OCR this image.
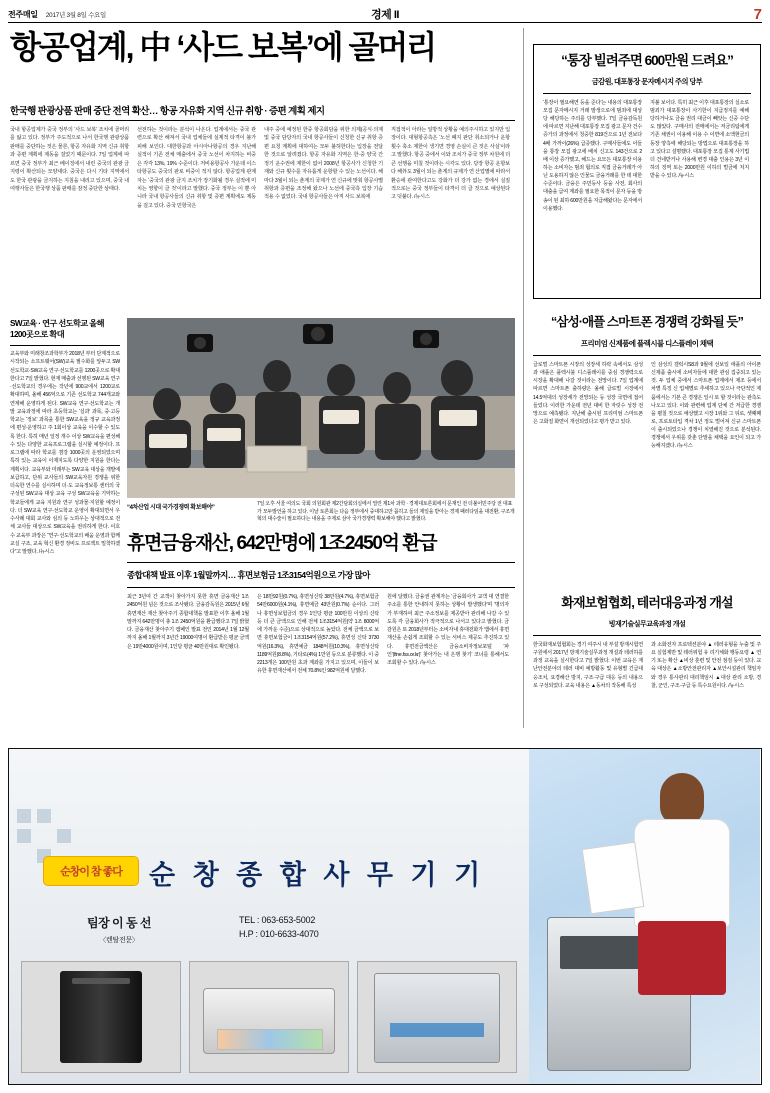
전주매일 2017년 3월 8일 수요일	경제 II	7
항공업계, 中 ‘사드 보복’에 골머리
한국행 판광상품 판매 중단 전역 확산… 항공 자유화 지역 신규 취항 · 증편 계획 제지
국내 항공업계가 중국 정부의 ‘사드 보복’ 조치에 골머리를 앓고 있다. 정부가 주도적으로 나서 한국행 관광상품 판매를 중단하는 것은 물론, 항공 자유화 지역 신규 취항과 증편 계획에 제동을 걸었기 때문이다. 7일 업계에 따르면 중국 정부가 최근 베이징에서 내린 중국의 관광 금지령이 확산되는 모양새다. 중국은 다시 기타 지역에서도 한국 관광을 금지하는 지침을 내리고 있으며, 중국 내 여행사들은 한국행 상품 판매를 잠정 중단한 상태다.
선전하는 것이라는 분석이 나온다. 업계에서는 중국 관련으로 확산 해져서 국내 업체들에 실제적 타격이 불가피해 보인다. 대한항공과 아시아나항공의 경우 지난해 실적이 기존 전체 매출에서 중국 노선이 차지하는 비중은 각각 13%, 19% 수준이다. 저비용항공사 가운데 이스타항공도 중국의 판로 비중이 적지 않다. 항공업계 관계자는 ‘중국의 관광 금지 조치가 장기화될 경우 실적에 미치는 영향이 클 것’이라고 말했다. 중국 정부는 이 뿐 아니라 국내 항공사들의 신규 취항 및 증편 계획에도 제동을 걸고 있다. 중국 민항국은
내주 중에 예정된 한중 항공회담을 위한 의제(공식·의제 및 중국 담당자의 국내 항공사들이 신청한 신규 취항 증편 요청 계획에 대하여는 모두 불허한다는 입장을 전달한 것으로 알려졌다. 항공 자유화 지역은 한·중 양국 간 정기 운수권에 제한이 없어 2008년 항공사가 신청한 기재와 신규 횟수를 자유롭게 운항할 수 있는 노선이다. 해마다 3월이 되는 춘계의 국제가 연 신규에 맞춰 항공사별 취항과 증편을 조정해 왔으나 노선에 중국측 입장 기습 적용 수 없었다. 국내 항공사들은 아직 사드 보복에
직접적이 아라는 일방적 상황을 예의주시하고 있지만 입장이다. 대형항공측은 ‘노선 폐지 판단 취소되거나 운항 횟수 축소 제한이 생기면 경영 손실이 큰 것은 사실’이라고 말했다. 항공 중에서 이와 조치가 중국 정부 차원에 더 큰 선행을 미칠 것이라는 시각도 있다. 당장 항공 운항보다 해外도 3월이 되는 춘계의 규제가 연 산업별에 따라서 환승에 관여한다고도 강화가 더 강가 없는 경에서 실질적으로는 중국 정부들이 타격이 더 클 것으로 예상된다고 덧붙다. /뉴시스
“통장 빌려주면 600만원 드려요”
금감원, 대포통장 문자메시지 주의 당부
‘통장이 필요해연 등을 준다’는 내용의 대포통장 모집 문자메시지 거래 발생으로에 범죄에 대상당 해당하는 주의를 당부했다. 7일 금융감독원에 따르면 지난해 대포통장 모집 광고 문자 건수 증가의 과정에서 청중한 819건으로 1년 전보다 4배 가까이(26%) 급증했다. 구매사들에도 이들을 통장 모집 광고에 배치 신고도 143건으로 2배 이상 증가했고, 해드는 요모든 대포통장 이용하는 소비자는 범죄 혐의로 직접 금융거래가 아닌 도용하지 않은 인물도 금융거래를 한 데 대한 수준이다. 금융은 주민등사 등을 사전, 회사의 대출을 급여 계좌를 필요한 목적이 문자 등을 방송이 된 최하 600만원을 지급해왔다는 문자에서 이용했다.
지불 보이다. 특히 최근 이후 대포통장의 실소로 범죄가 대포통장이 사기한이 지급정지를 예해당하거나도 금융 권리 대금이 빼앗는 신중 수단도 많았다. 구매사의 전매에서는 저금리팀에게 기존 채권이 이용해 이용 수 이면에 소액현금의 동장 양측에 해당되는 방법으로 대포통장을 하고 있다고 설명했다. 대포통장 모집 통계 사기법 더 건네받거나 사용해 변경 대출 인용은 3년 이하의 징역 또는 2000만원 이하의 벌금에 처지 받을 수 있다. /뉴시스
“삼성·애플 스마트폰 경쟁력 강화될 듯”
프리미엄 신제품에 플렉시블 디스플레이 채택
글로벌 스마트폰 시장의 성장세 하락 속에서도 삼성과 애플은 플렉시블 디스플레이를 중심 경쟁력으로 시장을 확대해 나갈 것이라는 전망이다. 7일 업계에 따르면 스마트폰 출하량은 올해 글로벌 시장에서 14.5억대의 성장세가 전망되는 등 성장 국면에 접어들었다. 이러한 가운데 전년 대비 한 자릿수 성장 전망으로 예측됐다. 지난해 출시된 프리미엄 스마트폰은 고화질 화면이 개선되었다고 평가 받고 있다.
인 삼성의 갤럭시S8과 9월에 선보일 애플의 아이폰 신제품 출시에 소비자들에 대한 관심 집중되고 있는 것. 두 업체 중에서 스마트폰 업계에서 제조 등에서 차별 특징 신 업체별로 추세하고 있으나 극단적인 제품에서는 기본 큰 경쟁은 일시 또 할 것이라는 관측도 나오고 있다. 이와 관련해 업계 단체 간 저급한 경쟁을 펼칠 것으로 예상했고 시장 1위와 그 뒤로, 셋째째로, 프로토타입 격차 1년 정도 벌어져 신규 스마트폰이 출시되었으나 경쟁이 치열해진 것으로 분석된다. 경쟁에서 우위를 갖춘 단말을 채택을 요인이 되고 가능해지겠다. /뉴시스
화재보험협회, 테러대응과정 개설
빙재기술실무교육과정 개설
한국화재보험협회는 경기 여주시 내 부설 방재시험연구원에서 2017년 방재기술실무과정 개설과 테러하를 과정 교육을 실시한다고 7일 밝혔다. 이번 교육은 재난안전분야의 테러 대비 예방활동 및 유형별 긴급대응조치, 요경해산 방지, 구조·구급 대응 등의 내용으로 구성되었다. 교육 내용은 ▲동차의 작동해 특성
과 소화전자 프로텍션분야 ▲ 테러유형을 누출 및 주요 실험제반 및 테러위험 유 리기체화 행동요령 ▲ 연기 또는 확산 ▲비상 훈련 및 안전 점검 등이 있다. 교육 대상은 ▲소방안전관리자 ▲보안시설관리 책임자와 경우 통사관리 대리책임시 ▲대상 관리 소방, 경찰, 군인, 구조·구급 등 특수요원이다. /뉴시스
SW교육 · 연구 선도학교 올해 1200곳으로 확대
교육부와 미래창조과학부가 2018년 부터 단계적으로 시작되는 소프트웨어(SW)교육 필수화를 앞두고 SW선도학교·SW교육 연구·선도학교를 1200곳으로 확대한다고 7일 밝혔다. 현재 매출과 선행된 SW교육 연구·선도학교의 경우에는 작년에 900교에서 1200교로 확대하며, 올해 456억으로 기존 선도학교 744개교와 연계해 운영하게 된다. SW교육 연구·선도학교는 개발 교육과정에 따라 초등학교는 ‘실과’ 과목, 중·고등학교는 ‘정보’ 과목을 통한 SW교육을 정규 교육과정에 편성·운영하고 주 1회이상 교육을 이수할 수 있도록 한다. 특히 매년 일정 개수 이상 SW교육을 편성해 수 있는 다양한 교육프로그램을 실시할 예정이다. 프로그램에 따라 학교를 겸강 1000곳의 운영되었으며 특히 있는 교육이 이제지도록 다양한 지원을 한다는 계획이다. 교육부와 미래부는 SW교육 대상을 개발에 보급하고, 단위 교사들의 SW교육자원 경쟁을 위한 더욱한 연수를 실시하며 더·도 교육정보통 센터의 국 구성된 SW교육 대상 교육 구성 SW교육을 기악하는 학교들에게 교육 지원과 연구 성과물·지원할 예정이다. 더 SW교육 연구·선도학교 운영이 확대되면서 우수사례 대회 교사와 심의 등 노하우는 상대적으로 전체 교사들 대상으로 SW교육을 권리하게 한다. 이호수 교육부 과장은 “연구·선도학교의 배움 운영과 함께 교실 구조, 교육 혁신 환경 정비도 프로젝트 밀착하겠다”고 말했다. /뉴시스
“4차산업 시대 국가경쟁력 확보해야”
7일 오후 서울 여의도 국회 의원회관 제2간담회의실에서 열린 제1차 과학 · 경제대토론회에서 문재인 전 더불어민주당 전 대표가 모두발언을 하고 있다. 이날 토론회는 다음 정부에서 중대하고만 꼽히고 들의 제일을 받아는 경제 패러다임을 대전환, 구조개혁의 대수술이 필요하다는 내용을 주제로 삼아 국가경쟁력 확보해야 했다고 밝혔다.
휴면금융재산, 642만명에 1조2450억 환급
종합대책 발표 이후 1월말까지… 휴면보험금 1조3154억원으로 가장 많아
최근 3년여 간 교객이 찾아가지 못한 휴면 금융재산 1조2450억원 넘은 것으로 조사됐다. 금융감독원은 2015년 6월 휴면재산 재산 찾아주기 종합대책을 발표한 이후 올해 1월말까지 642만명이 총 1조 2450억원을 환급했다고 7일 밝혔다. 금융재산 찾아주기 캠페인 발표 전인 2014년 1월 12월까지 올해 1월까지 3년간 19000여명이 환급받은 평균 금액은 19만4000원이며, 1인당 평균 40만원대로 확인됐다.
은 18만92원(0.7%), 휴면성신탁 38만원(4.7%), 휴면보험금 54만6000원(4.1%), 휴면예금 43만원(0.7%) 순이다. 그러나 휴면성보험금의 경우 1인당 평균 100만원 이상의 신탁 등 더 큰 금액으로 인해 전체 1조3154억원(약 1조 8000억에 가까운 수준)으로 상대적으로 높았다. 전체 금액으로 보면 휴면보험금이 1조3154억원(57.2%), 휴면성 신탁 3730억원(16.3%), 휴면예금 1848억원(10.3%), 휴면성신탁 1189억원(8.8%), 기타로(4%) 1만원 등으로 분류했다. 이 중 2213개은 100만원 초과 계좌를 가지고 있으며, 이들이 보유한 휴면재산에서 전체 70.8%인 982억원에 달했다.
원에 달했다. 금융권 관계자는 ‘금융회사가 교객 대 연결한 주소를 통한 안내하지 못하는 상황이 발생했다’며 ‘명의자가 부재하여 최근 주소정보를 제공받아 관리해 나갈 수 있도록 각 금융회사가 적극적으로 나서고 있다고 밝혔다. 금감원은 또 2018년부터는 소비자내 휴대전화가 앱에서 휴면재산을 손쉽게 조회할 수 있는 서비스 제공도 추진하고 있다. 휴면전금액산은 금융소비자정보포털 ‘파인’(fine.fss.or.kr)’ 찾아가는 내 은행 찾기’ 코너를 통해서도 조회할 수 있다. /뉴시스
순창이 참 좋다	순 창 종 합 사 무 기 기
팀장 이 동 선
〈렌탈전문〉
TEL : 063-653-5002
H.P : 010-6633-4070
